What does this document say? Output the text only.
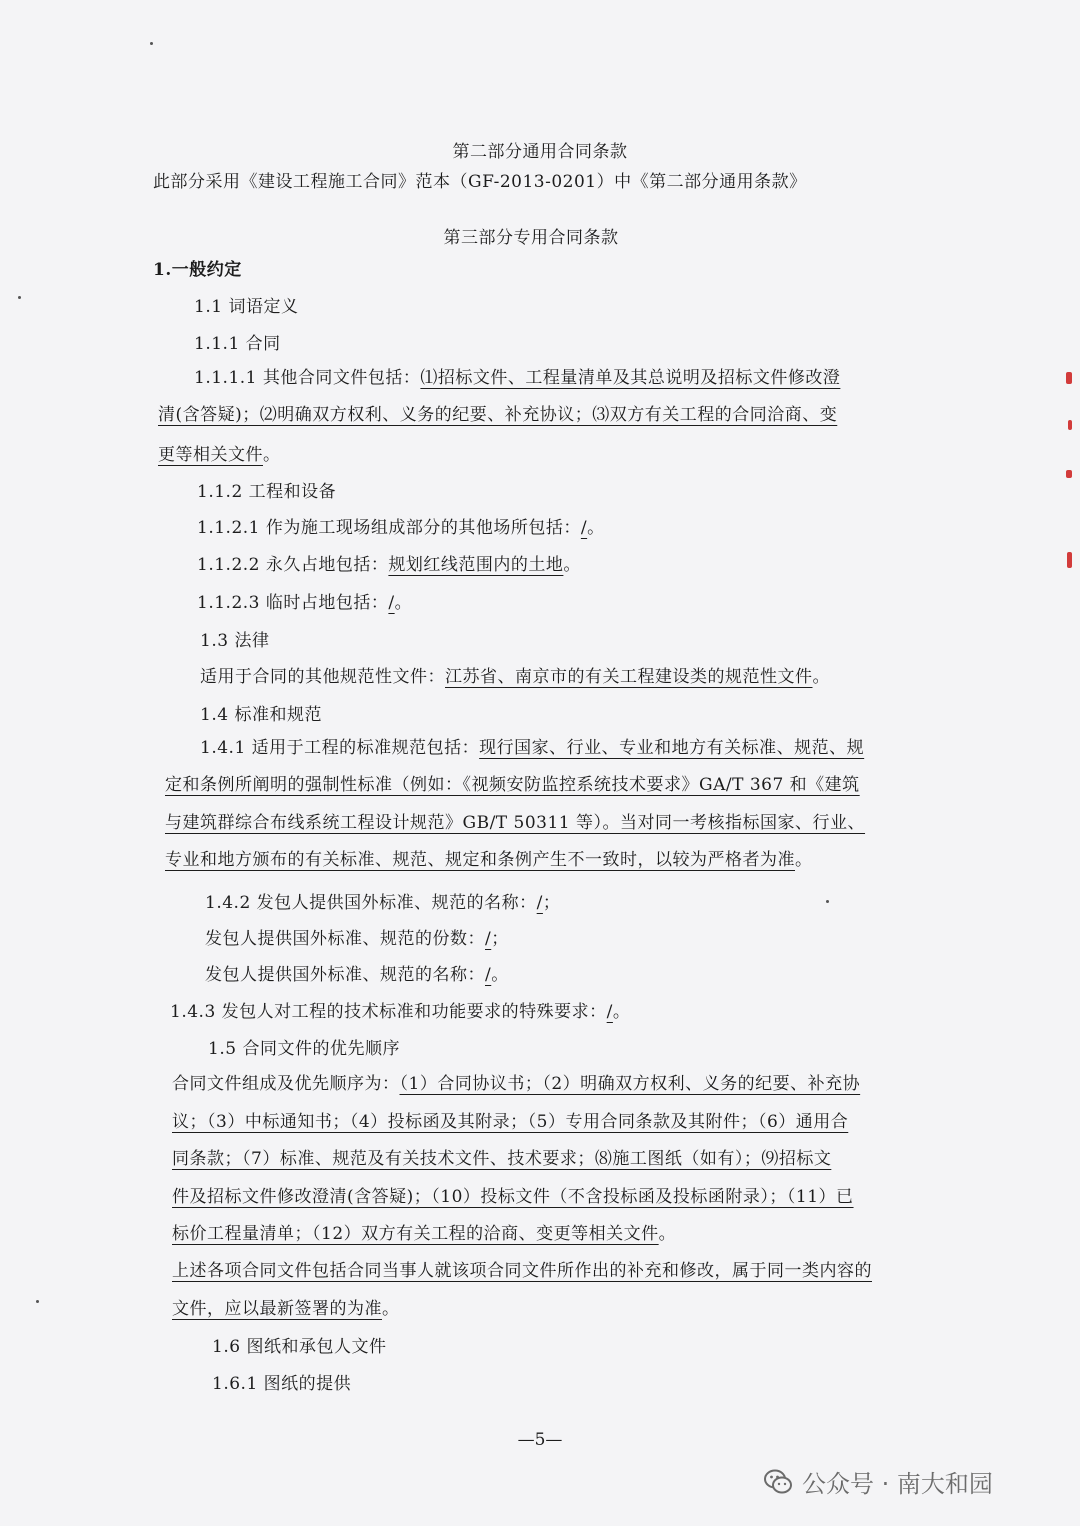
第二部分通用合同条款
此部分采用《建设工程施工合同》范本（GF-2013-0201）中《第二部分通用条款》
第三部分专用合同条款
1.一般约定
1.1 词语定义
1.1.1 合同
1.1.1.1 其他合同文件包括：⑴招标文件、工程量清单及其总说明及招标文件修改澄
清(含答疑)；⑵明确双方权利、义务的纪要、补充协议；⑶双方有关工程的合同洽商、变
更等相关文件。
1.1.2 工程和设备
1.1.2.1 作为施工现场组成部分的其他场所包括：/。
1.1.2.2 永久占地包括：规划红线范围内的土地。
1.1.2.3 临时占地包括：/。
1.3 法律
适用于合同的其他规范性文件：江苏省、南京市的有关工程建设类的规范性文件。
1.4 标准和规范
1.4.1 适用于工程的标准规范包括：现行国家、行业、专业和地方有关标准、规范、规
定和条例所阐明的强制性标准（例如：《视频安防监控系统技术要求》GA/T 367 和《建筑
与建筑群综合布线系统工程设计规范》GB/T 50311 等）。当对同一考核指标国家、行业、
专业和地方颁布的有关标准、规范、规定和条例产生不一致时，以较为严格者为准。
1.4.2 发包人提供国外标准、规范的名称：/；
发包人提供国外标准、规范的份数：/；
发包人提供国外标准、规范的名称：/。
1.4.3 发包人对工程的技术标准和功能要求的特殊要求：/。
1.5 合同文件的优先顺序
合同文件组成及优先顺序为：（1）合同协议书；（2）明确双方权利、义务的纪要、补充协
议；（3）中标通知书；（4）投标函及其附录；（5）专用合同条款及其附件；（6）通用合
同条款；（7）标准、规范及有关技术文件、技术要求；⑻施工图纸（如有）；⑼招标文
件及招标文件修改澄清(含答疑)；（10）投标文件（不含投标函及投标函附录）；（11）已
标价工程量清单；（12）双方有关工程的洽商、变更等相关文件。
上述各项合同文件包括合同当事人就该项合同文件所作出的补充和修改，属于同一类内容的
文件，应以最新签署的为准。
1.6 图纸和承包人文件
1.6.1 图纸的提供
—5—
公众号 · 南大和园
